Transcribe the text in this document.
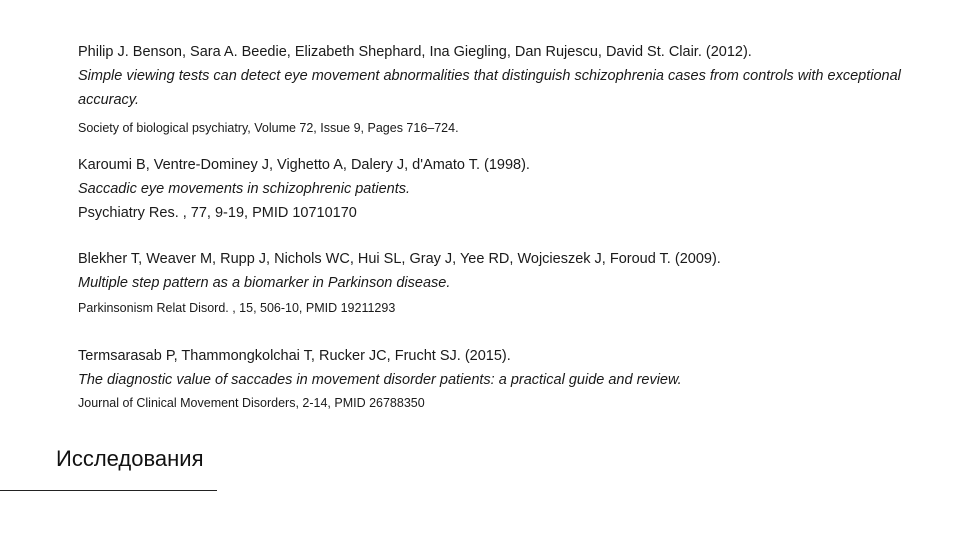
Philip J. Benson, Sara A. Beedie, Elizabeth Shephard, Ina Giegling, Dan Rujescu, David St. Clair. (2012).

Simple viewing tests can detect eye movement abnormalities that distinguish schizophrenia cases from controls with exceptional accuracy.

Society of biological psychiatry, Volume 72, Issue 9, Pages 716–724.

Karoumi B, Ventre-Dominey J, Vighetto A, Dalery J, d'Amato T. (1998).

Saccadic eye movements in schizophrenic patients.

Psychiatry Res. , 77, 9-19, PMID 10710170

Blekher T, Weaver M, Rupp J, Nichols WC, Hui SL, Gray J, Yee RD, Wojcieszek J, Foroud T. (2009).

Multiple step pattern as a biomarker in Parkinson disease.

Parkinsonism Relat Disord. , 15, 506-10, PMID 19211293

Termsarasab P, Thammongkolchai T, Rucker JC, Frucht SJ. (2015).

The diagnostic value of saccades in movement disorder patients: a practical guide and review.

Journal of Clinical Movement Disorders, 2-14, PMID 26788350

Исследования
